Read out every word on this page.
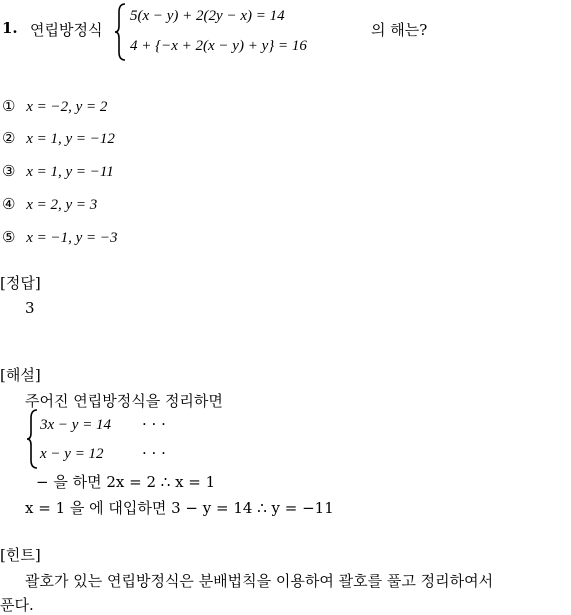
1. 연립방정식
5(x − y) + 2(2y − x) = 14
4 + {−x + 2(x − y) + y} = 16
의 해는?
① x = −2, y = 2
② x = 1, y = −12
③ x = 1, y = −11
④ x = 2, y = 3
⑤ x = −1, y = −3
[정답]
3
[해설]
주어진 연립방정식을 정리하면
3x − y = 14 · · ·
x − y = 12	· · ·
− 을 하면 2x = 2 ∴ x = 1
x = 1 을 에 대입하면 3 − y = 14 ∴ y = −11
[힌트]
괄호가 있는 연립방정식은 분배법칙을 이용하여 괄호를 풀고 정리하여서
푼다.
